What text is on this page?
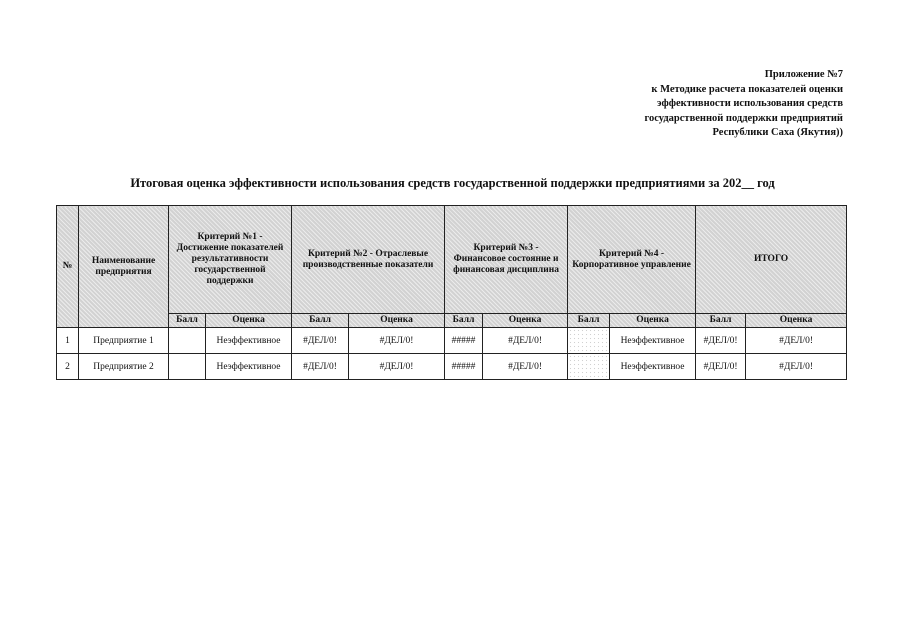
Приложение №7
к Методике расчета показателей оценки
эффективности использования средств
государственной поддержки предприятий
Республики Саха (Якутия))
Итоговая оценка эффективности использования средств государственной поддержки предприятиями за 202__ год
№	Наименование предприятия	Критерий №1 - Достижение показателей результативности государственной поддержки		Критерий №2 - Отраслевые производственные показатели		Критерий №3 - Финансовое состояние и финансовая дисциплина		Критерий №4 - Корпоративное управление		ИТОГО	
		Балл	Оценка	Балл	Оценка	Балл	Оценка	Балл	Оценка	Балл	Оценка
1	Предприятие 1		Неэффективное	#ДЕЛ/0!	#ДЕЛ/0!	#####	#ДЕЛ/0!		Неэффективное	#ДЕЛ/0!	#ДЕЛ/0!
2	Предприятие 2		Неэффективное	#ДЕЛ/0!	#ДЕЛ/0!	#####	#ДЕЛ/0!		Неэффективное	#ДЕЛ/0!	#ДЕЛ/0!
